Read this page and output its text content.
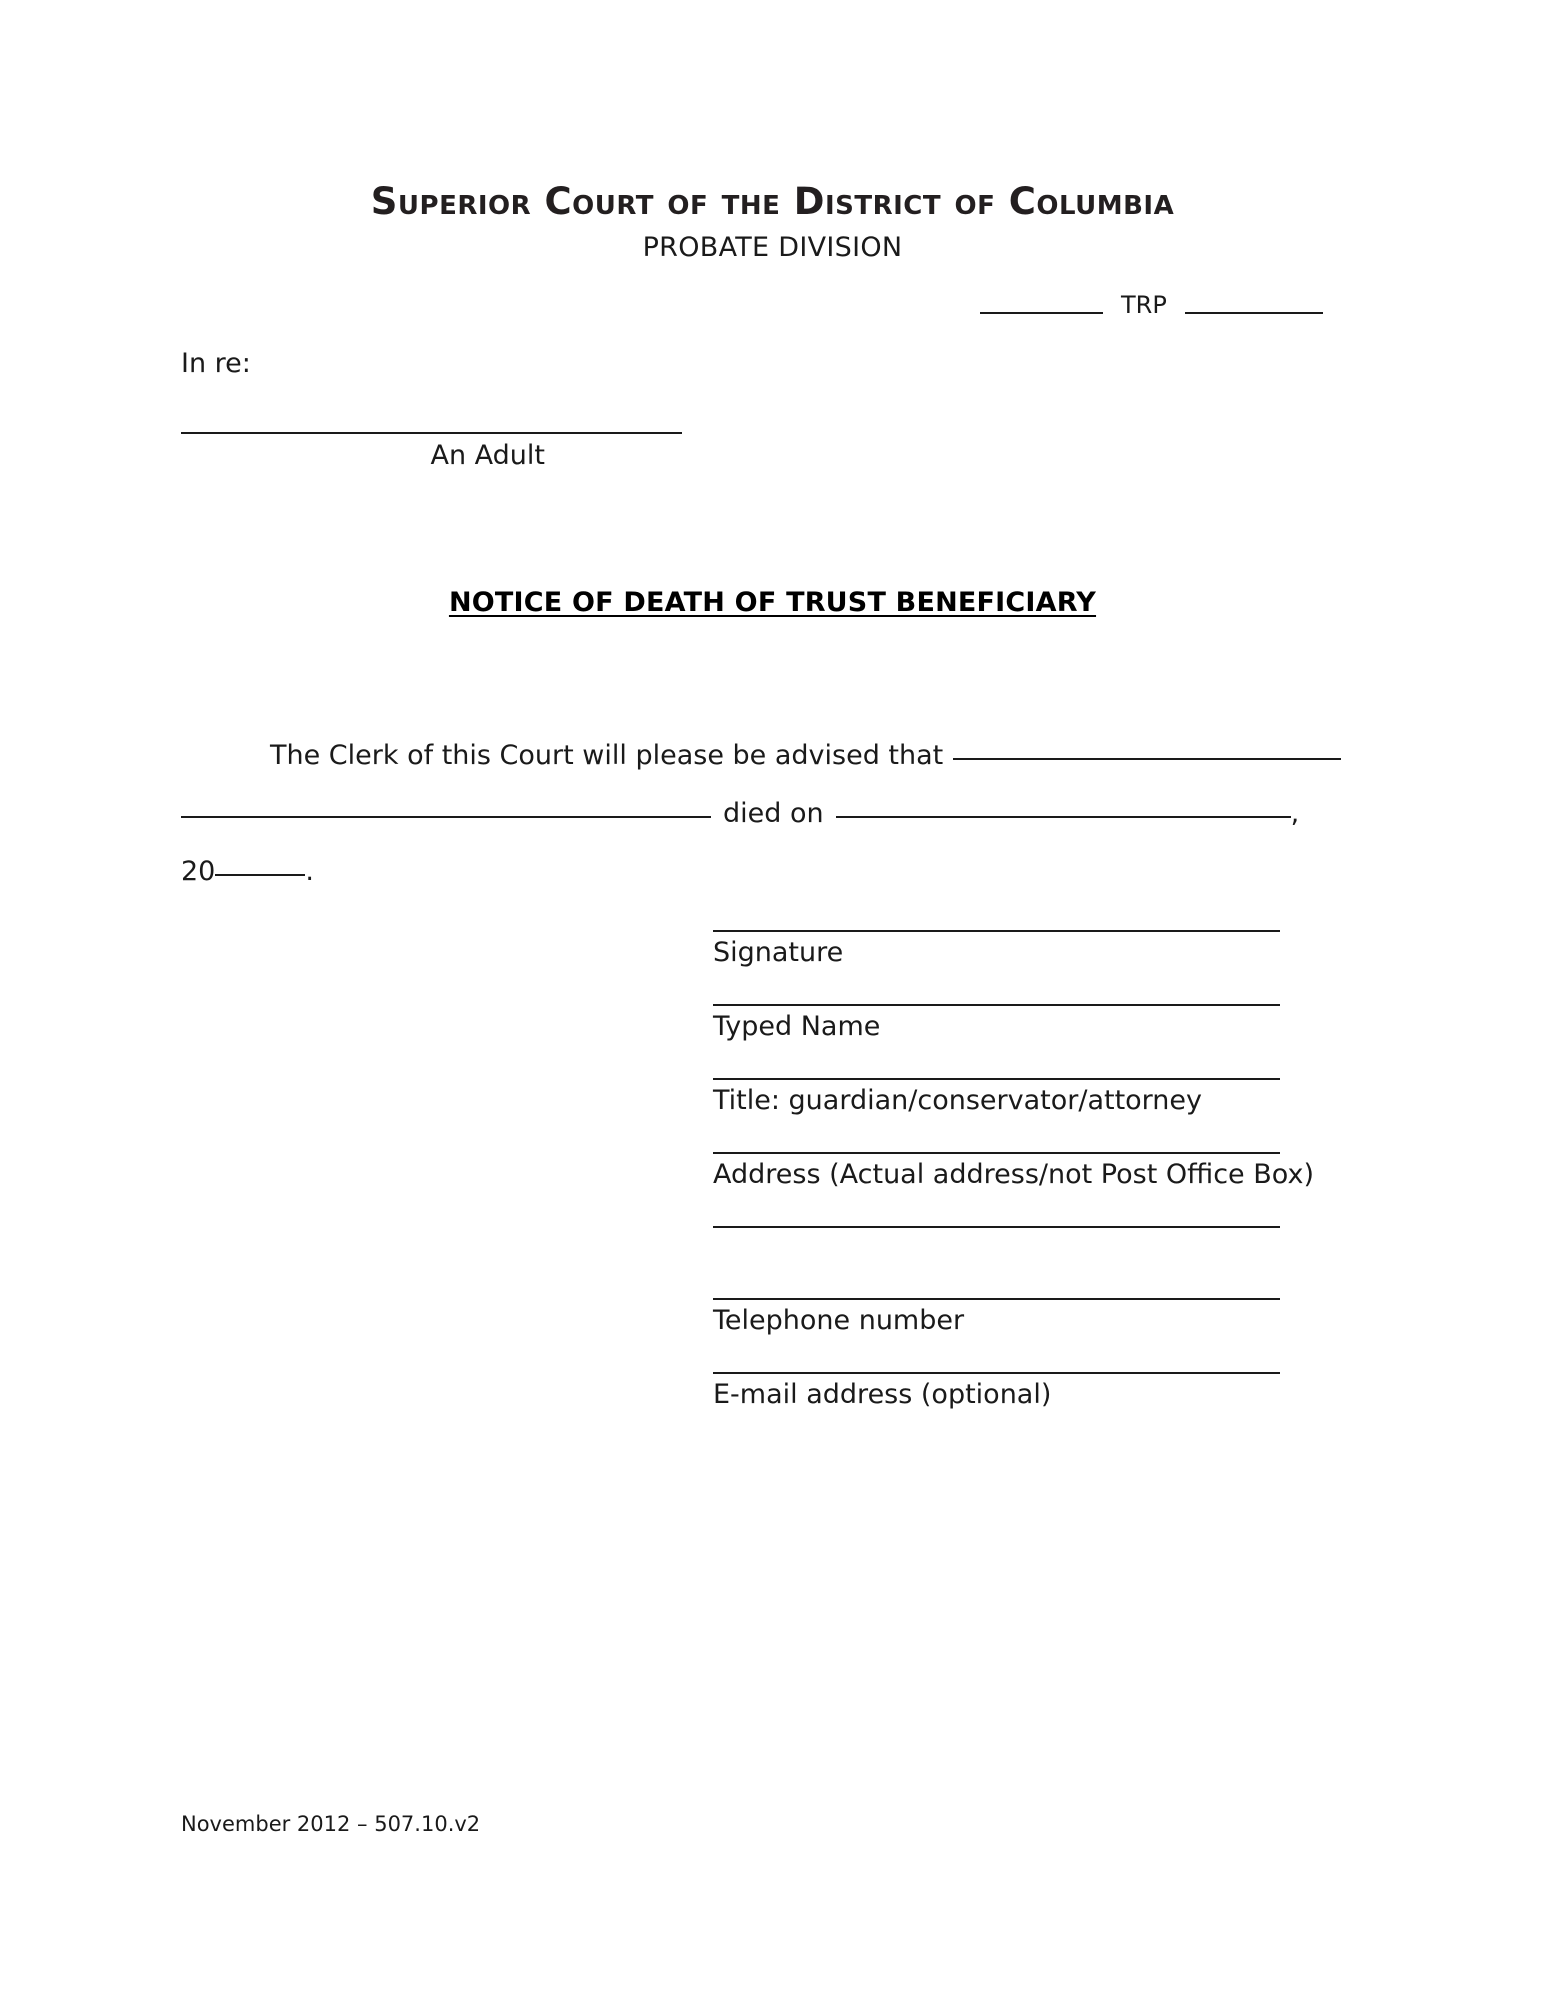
Superior Court of the District of Columbia
PROBATE DIVISION
TRP
In re:
An Adult
NOTICE OF DEATH OF TRUST BENEFICIARY
The Clerk of this Court will please be advised that
died on	,
20	.
Signature
Typed Name
Title: guardian/conservator/attorney
Address (Actual address/not Post Office Box)
Telephone number
E-mail address (optional)
November 2012 – 507.10.v2
